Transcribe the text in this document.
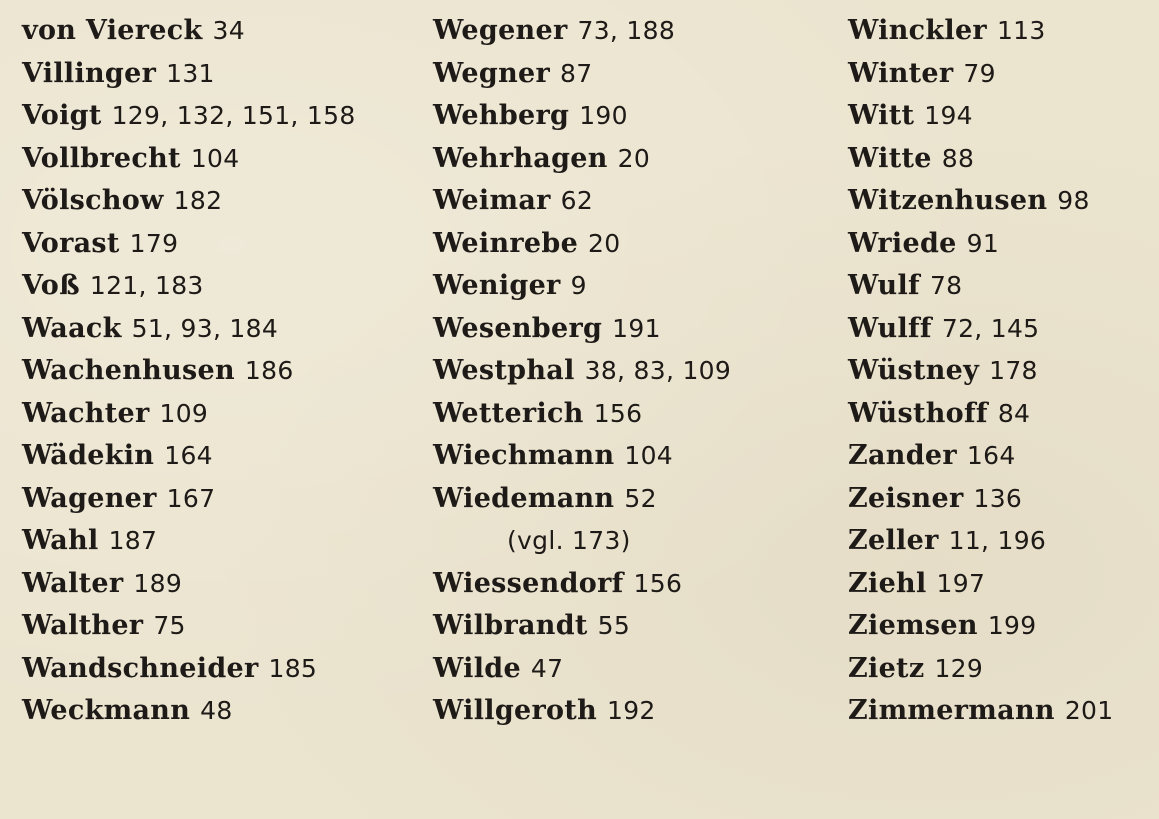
von Viereck 34
Villinger 131
Voigt 129, 132, 151, 158
Vollbrecht 104
Völschow 182
Vorast 179
Voß 121, 183
Waack 51, 93, 184
Wachenhusen 186
Wachter 109
Wädekin 164
Wagener 167
Wahl 187
Walter 189
Walther 75
Wandschneider 185
Weckmann 48
Wegener 73, 188
Wegner 87
Wehberg 190
Wehrhagen 20
Weimar 62
Weinrebe 20
Weniger 9
Wesenberg 191
Westphal 38, 83, 109
Wetterich 156
Wiechmann 104
Wiedemann 52
(vgl. 173)
Wiessendorf 156
Wilbrandt 55
Wilde 47
Willgeroth 192
Winckler 113
Winter 79
Witt 194
Witte 88
Witzenhusen 98
Wriede 91
Wulf 78
Wulff 72, 145
Wüstney 178
Wüsthoff 84
Zander 164
Zeisner 136
Zeller 11, 196
Ziehl 197
Ziemsen 199
Zietz 129
Zimmermann 201
